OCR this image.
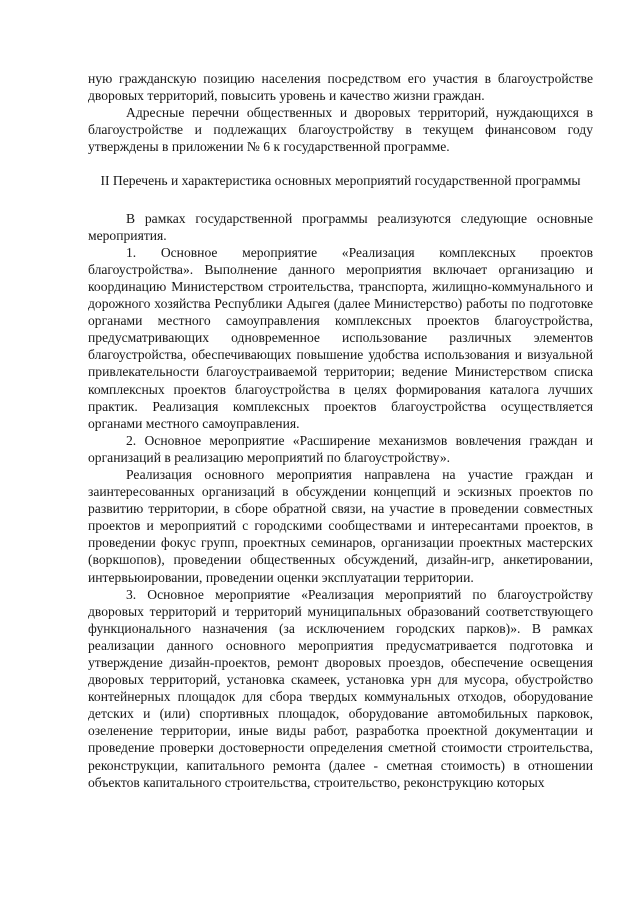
ную гражданскую позицию населения посредством его участия в благоустройстве дворовых территорий, повысить уровень и качество жизни граждан.

Адресные перечни общественных и дворовых территорий, нуждающихся в благоустройстве и подлежащих благоустройству в текущем финансовом году утверждены в приложении № 6 к государственной программе.

II Перечень и характеристика основных мероприятий государственной программы

В рамках государственной программы реализуются следующие основные мероприятия.

1. Основное мероприятие «Реализация комплексных проектов благоустройства». Выполнение данного мероприятия включает организацию и координацию Министерством строительства, транспорта, жилищно-коммунального и дорожного хозяйства Республики Адыгея (далее Министерство) работы по подготовке органами местного самоуправления комплексных проектов благоустройства, предусматривающих одновременное использование различных элементов благоустройства, обеспечивающих повышение удобства использования и визуальной привлекательности благоустраиваемой территории; ведение Министерством списка комплексных проектов благоустройства в целях формирования каталога лучших практик. Реализация комплексных проектов благоустройства осуществляется органами местного самоуправления.

2. Основное мероприятие «Расширение механизмов вовлечения граждан и организаций в реализацию мероприятий по благоустройству».

Реализация основного мероприятия направлена на участие граждан и заинтересованных организаций в обсуждении концепций и эскизных проектов по развитию территории, в сборе обратной связи, на участие в проведении совместных проектов и мероприятий с городскими сообществами и интересантами проектов, в проведении фокус групп, проектных семинаров, организации проектных мастерских (воркшопов), проведении общественных обсуждений, дизайн-игр, анкетировании, интервьюировании, проведении оценки эксплуатации территории.

3. Основное мероприятие «Реализация мероприятий по благоустройству дворовых территорий и территорий муниципальных образований соответствующего функционального назначения (за исключением городских парков)». В рамках реализации данного основного мероприятия предусматривается подготовка и утверждение дизайн-проектов, ремонт дворовых проездов, обеспечение освещения дворовых территорий, установка скамеек, установка урн для мусора, обустройство контейнерных площадок для сбора твердых коммунальных отходов, оборудование детских и (или) спортивных площадок, оборудование автомобильных парковок, озеленение территории, иные виды работ, разработка проектной документации и проведение проверки достоверности определения сметной стоимости строительства, реконструкции, капитального ремонта (далее - сметная стоимость) в отношении объектов капитального строительства, строительство, реконструкцию которых
